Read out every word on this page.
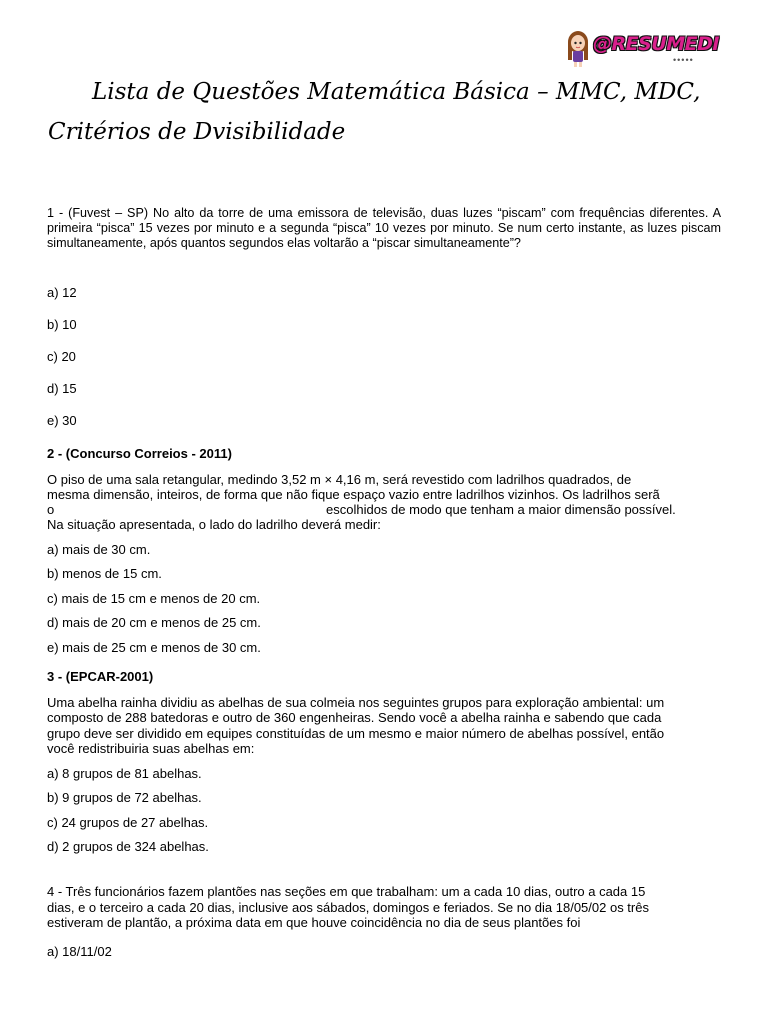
@RESUMEDI
•••••
Lista de Questões Matemática Básica – MMC, MDC,
Critérios de Dvisibilidade
1 - (Fuvest – SP) No alto da torre de uma emissora de televisão, duas luzes “piscam” com frequências diferentes. A primeira “pisca” 15 vezes por minuto e a segunda “pisca” 10 vezes por minuto. Se num certo instante, as luzes piscam simultaneamente, após quantos segundos elas voltarão a “piscar simultaneamente”?
a) 12
b) 10
c) 20
d) 15
e) 30
2 - (Concurso Correios - 2011)
O piso de uma sala retangular, medindo 3,52 m × 4,16 m, será revestido com ladrilhos quadrados, de
mesma dimensão, inteiros, de forma que não fique espaço vazio entre ladrilhos vizinhos. Os ladrilhos serã
o	escolhidos de modo que tenham a maior dimensão possível.
Na situação apresentada, o lado do ladrilho deverá medir:
a) mais de 30 cm.
b) menos de 15 cm.
c) mais de 15 cm e menos de 20 cm.
d) mais de 20 cm e menos de 25 cm.
e) mais de 25 cm e menos de 30 cm.
3 - (EPCAR-2001)
Uma abelha rainha dividiu as abelhas de sua colmeia nos seguintes grupos para exploração ambiental: um
composto de 288 batedoras e outro de 360 engenheiras. Sendo você a abelha rainha e sabendo que cada
grupo deve ser dividido em equipes constituídas de um mesmo e maior número de abelhas possível, então
você redistribuiria suas abelhas em:
a) 8 grupos de 81 abelhas.
b) 9 grupos de 72 abelhas.
c) 24 grupos de 27 abelhas.
d) 2 grupos de 324 abelhas.
4 - Três funcionários fazem plantões nas seções em que trabalham: um a cada 10 dias, outro a cada 15
dias, e o terceiro a cada 20 dias, inclusive aos sábados, domingos e feriados. Se no dia 18/05/02 os três
estiveram de plantão, a próxima data em que houve coincidência no dia de seus plantões foi
a) 18/11/02
